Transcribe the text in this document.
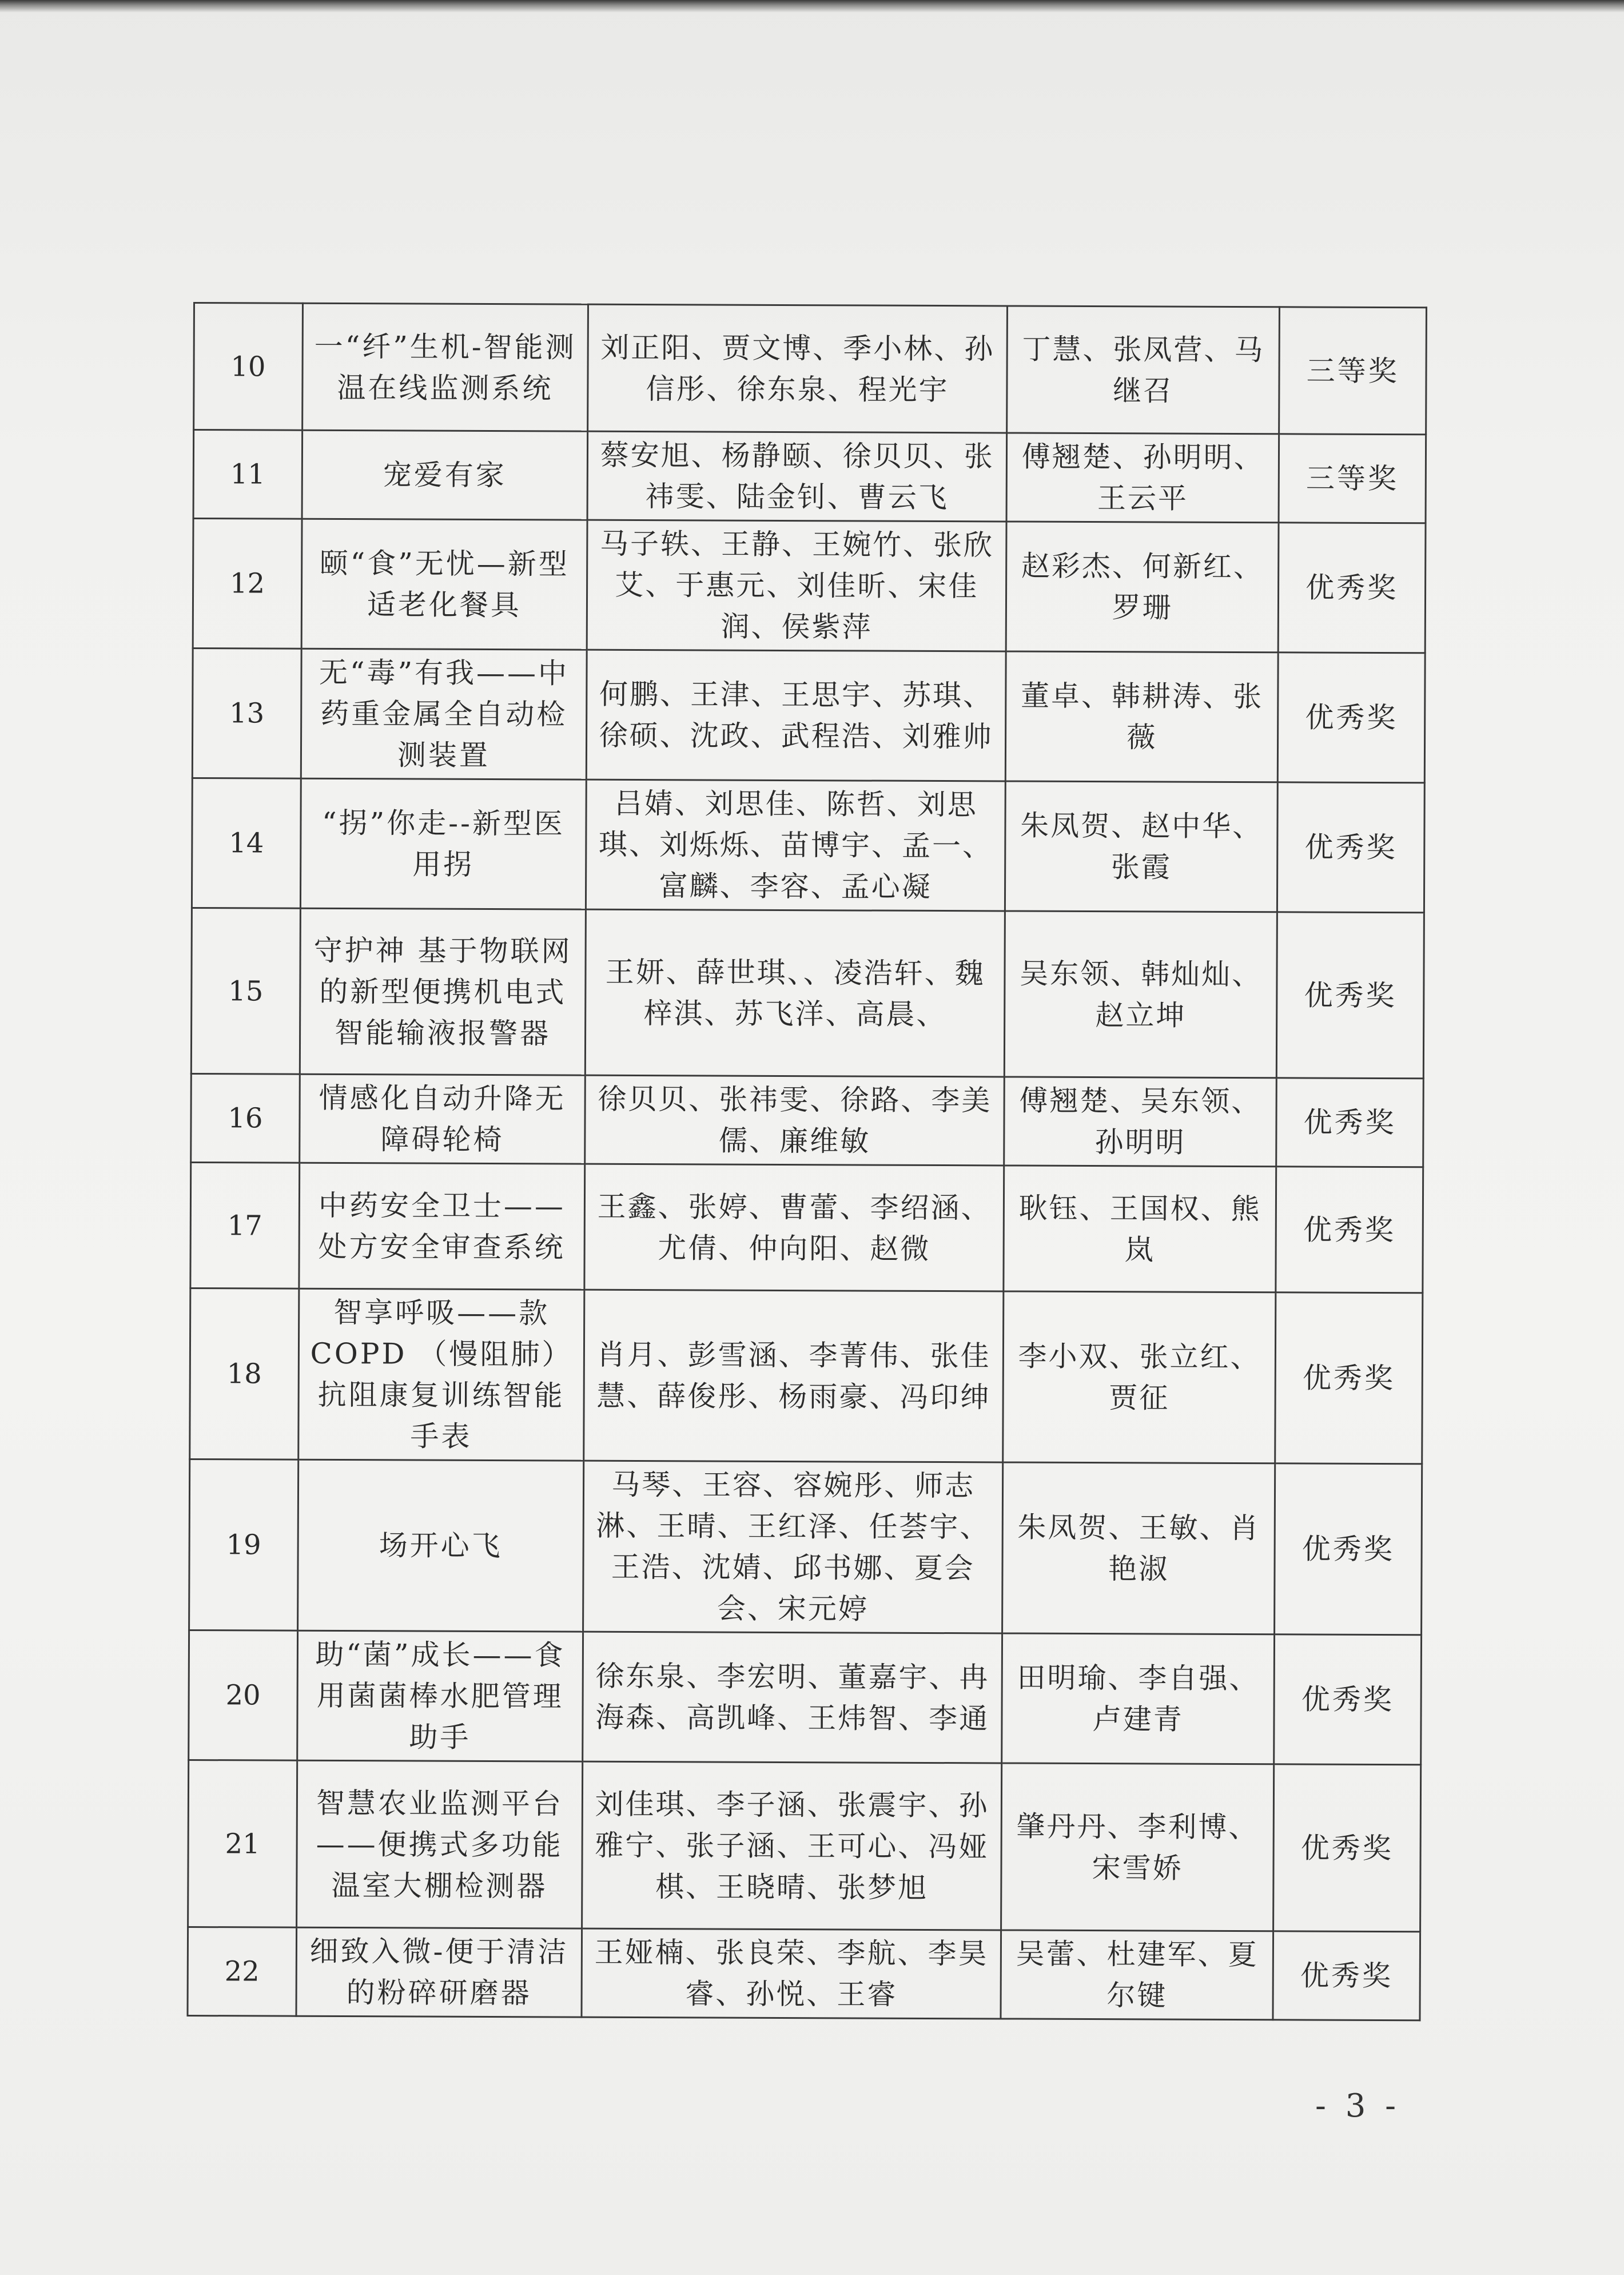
10	一“纤”生机-智能测温在线监测系统	刘正阳、贾文博、季小林、孙信彤、徐东泉、程光宇	丁慧、张凤营、马继召	三等奖
11	宠爱有家	蔡安旭、杨静颐、徐贝贝、张祎雯、陆金钊、曹云飞	傅翘楚、孙明明、王云平	三等奖
12	颐“食”无忧—新型适老化餐具	马子轶、王静、王婉竹、张欣艾、于惠元、刘佳昕、宋佳润、侯紫萍	赵彩杰、何新红、罗珊	优秀奖
13	无“毒”有我——中药重金属全自动检测装置	何鹏、王津、王思宇、苏琪、徐硕、沈政、武程浩、刘雅帅	董卓、韩耕涛、张薇	优秀奖
14	“拐”你走--新型医用拐	吕婧、刘思佳、陈哲、刘思琪、刘烁烁、苗博宇、孟一、富麟、李容、孟心凝	朱凤贺、赵中华、张霞	优秀奖
15	守护神 基于物联网的新型便携机电式智能输液报警器	王妍、薛世琪、、凌浩轩、魏梓淇、苏飞洋、高晨、	吴东领、韩灿灿、赵立坤	优秀奖
16	情感化自动升降无障碍轮椅	徐贝贝、张祎雯、徐路、李美儒、廉维敏	傅翘楚、吴东领、孙明明	优秀奖
17	中药安全卫士——处方安全审查系统	王鑫、张婷、曹蕾、李绍涵、尤倩、仲向阳、赵微	耿钰、王国权、熊岚	优秀奖
18	智享呼吸——款COPD （慢阻肺）抗阻康复训练智能手表	肖月、彭雪涵、李菁伟、张佳慧、薛俊彤、杨雨豪、冯印绅	李小双、张立红、贾征	优秀奖
19	场开心飞	马琴、王容、容婉彤、师志淋、王晴、王红泽、任荟宇、王浩、沈婧、邱书娜、夏会会、宋元婷	朱凤贺、王敏、肖艳淑	优秀奖
20	助“菌”成长——食用菌菌棒水肥管理助手	徐东泉、李宏明、董嘉宇、冉海森、高凯峰、王炜智、李通	田明瑜、李自强、卢建青	优秀奖
21	智慧农业监测平台——便携式多功能温室大棚检测器	刘佳琪、李子涵、张震宇、孙雅宁、张子涵、王可心、冯娅棋、王晓晴、张梦旭	肇丹丹、李利博、宋雪娇	优秀奖
22	细致入微-便于清洁的粉碎研磨器	王娅楠、张良荣、李航、李昊睿、孙悦、王睿	吴蕾、杜建军、夏尔键	优秀奖
- 3 -
